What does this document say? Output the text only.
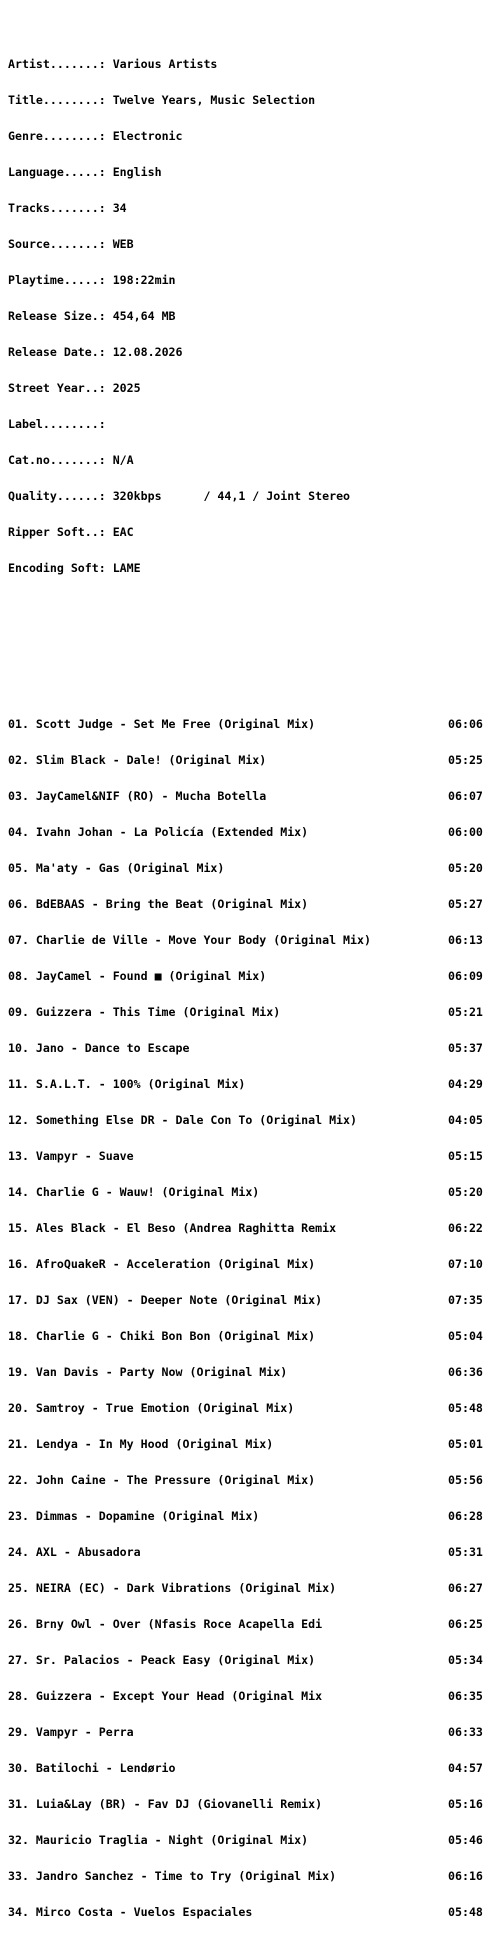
Artist.......: Various Artists

Title........: Twelve Years, Music Selection

Genre........: Electronic

Language.....: English

Tracks.......: 34

Source.......: WEB

Playtime.....: 198:22min

Release Size.: 454,64 MB

Release Date.: 12.08.2026

Street Year..: 2025

Label........:

Cat.no.......: N/A

Quality......: 320kbps      / 44,1 / Joint Stereo

Ripper Soft..: EAC

Encoding Soft: LAME

01. Scott Judge - Set Me Free (Original Mix)	06:06

02. Slim Black - Dale! (Original Mix)	05:25

03. JayCamel&NIF (RO) - Mucha Botella	06:07

04. Ivahn Johan - La Policía (Extended Mix)	06:00

05. Ma'aty - Gas (Original Mix)	05:20

06. BdEBAAS - Bring the Beat (Original Mix)	05:27

07. Charlie de Ville - Move Your Body (Original Mix)	06:13

08. JayCamel - Found ■ (Original Mix)	06:09

09. Guizzera - This Time (Original Mix)	05:21

10. Jano - Dance to Escape	05:37

11. S.A.L.T. - 100% (Original Mix)	04:29

12. Something Else DR - Dale Con To (Original Mix)	04:05

13. Vampyr - Suave	05:15

14. Charlie G - Wauw! (Original Mix)	05:20

15. Ales Black - El Beso (Andrea Raghitta Remix	06:22

16. AfroQuakeR - Acceleration (Original Mix)	07:10

17. DJ Sax (VEN) - Deeper Note (Original Mix)	07:35

18. Charlie G - Chiki Bon Bon (Original Mix)	05:04

19. Van Davis - Party Now (Original Mix)	06:36

20. Samtroy - True Emotion (Original Mix)	05:48

21. Lendya - In My Hood (Original Mix)	05:01

22. John Caine - The Pressure (Original Mix)	05:56

23. Dimmas - Dopamine (Original Mix)	06:28

24. AXL - Abusadora	05:31

25. NEIRA (EC) - Dark Vibrations (Original Mix)	06:27

26. Brny Owl - Over (Nfasis Roce Acapella Edi	06:25

27. Sr. Palacios - Peack Easy (Original Mix)	05:34

28. Guizzera - Except Your Head (Original Mix	06:35

29. Vampyr - Perra	06:33

30. Batilochi - Lendørio	04:57

31. Luia&Lay (BR) - Fav DJ (Giovanelli Remix)	05:16

32. Mauricio Traglia - Night (Original Mix)	05:46

33. Jandro Sanchez - Time to Try (Original Mix)	06:16

34. Mirco Costa - Vuelos Espaciales	05:48
